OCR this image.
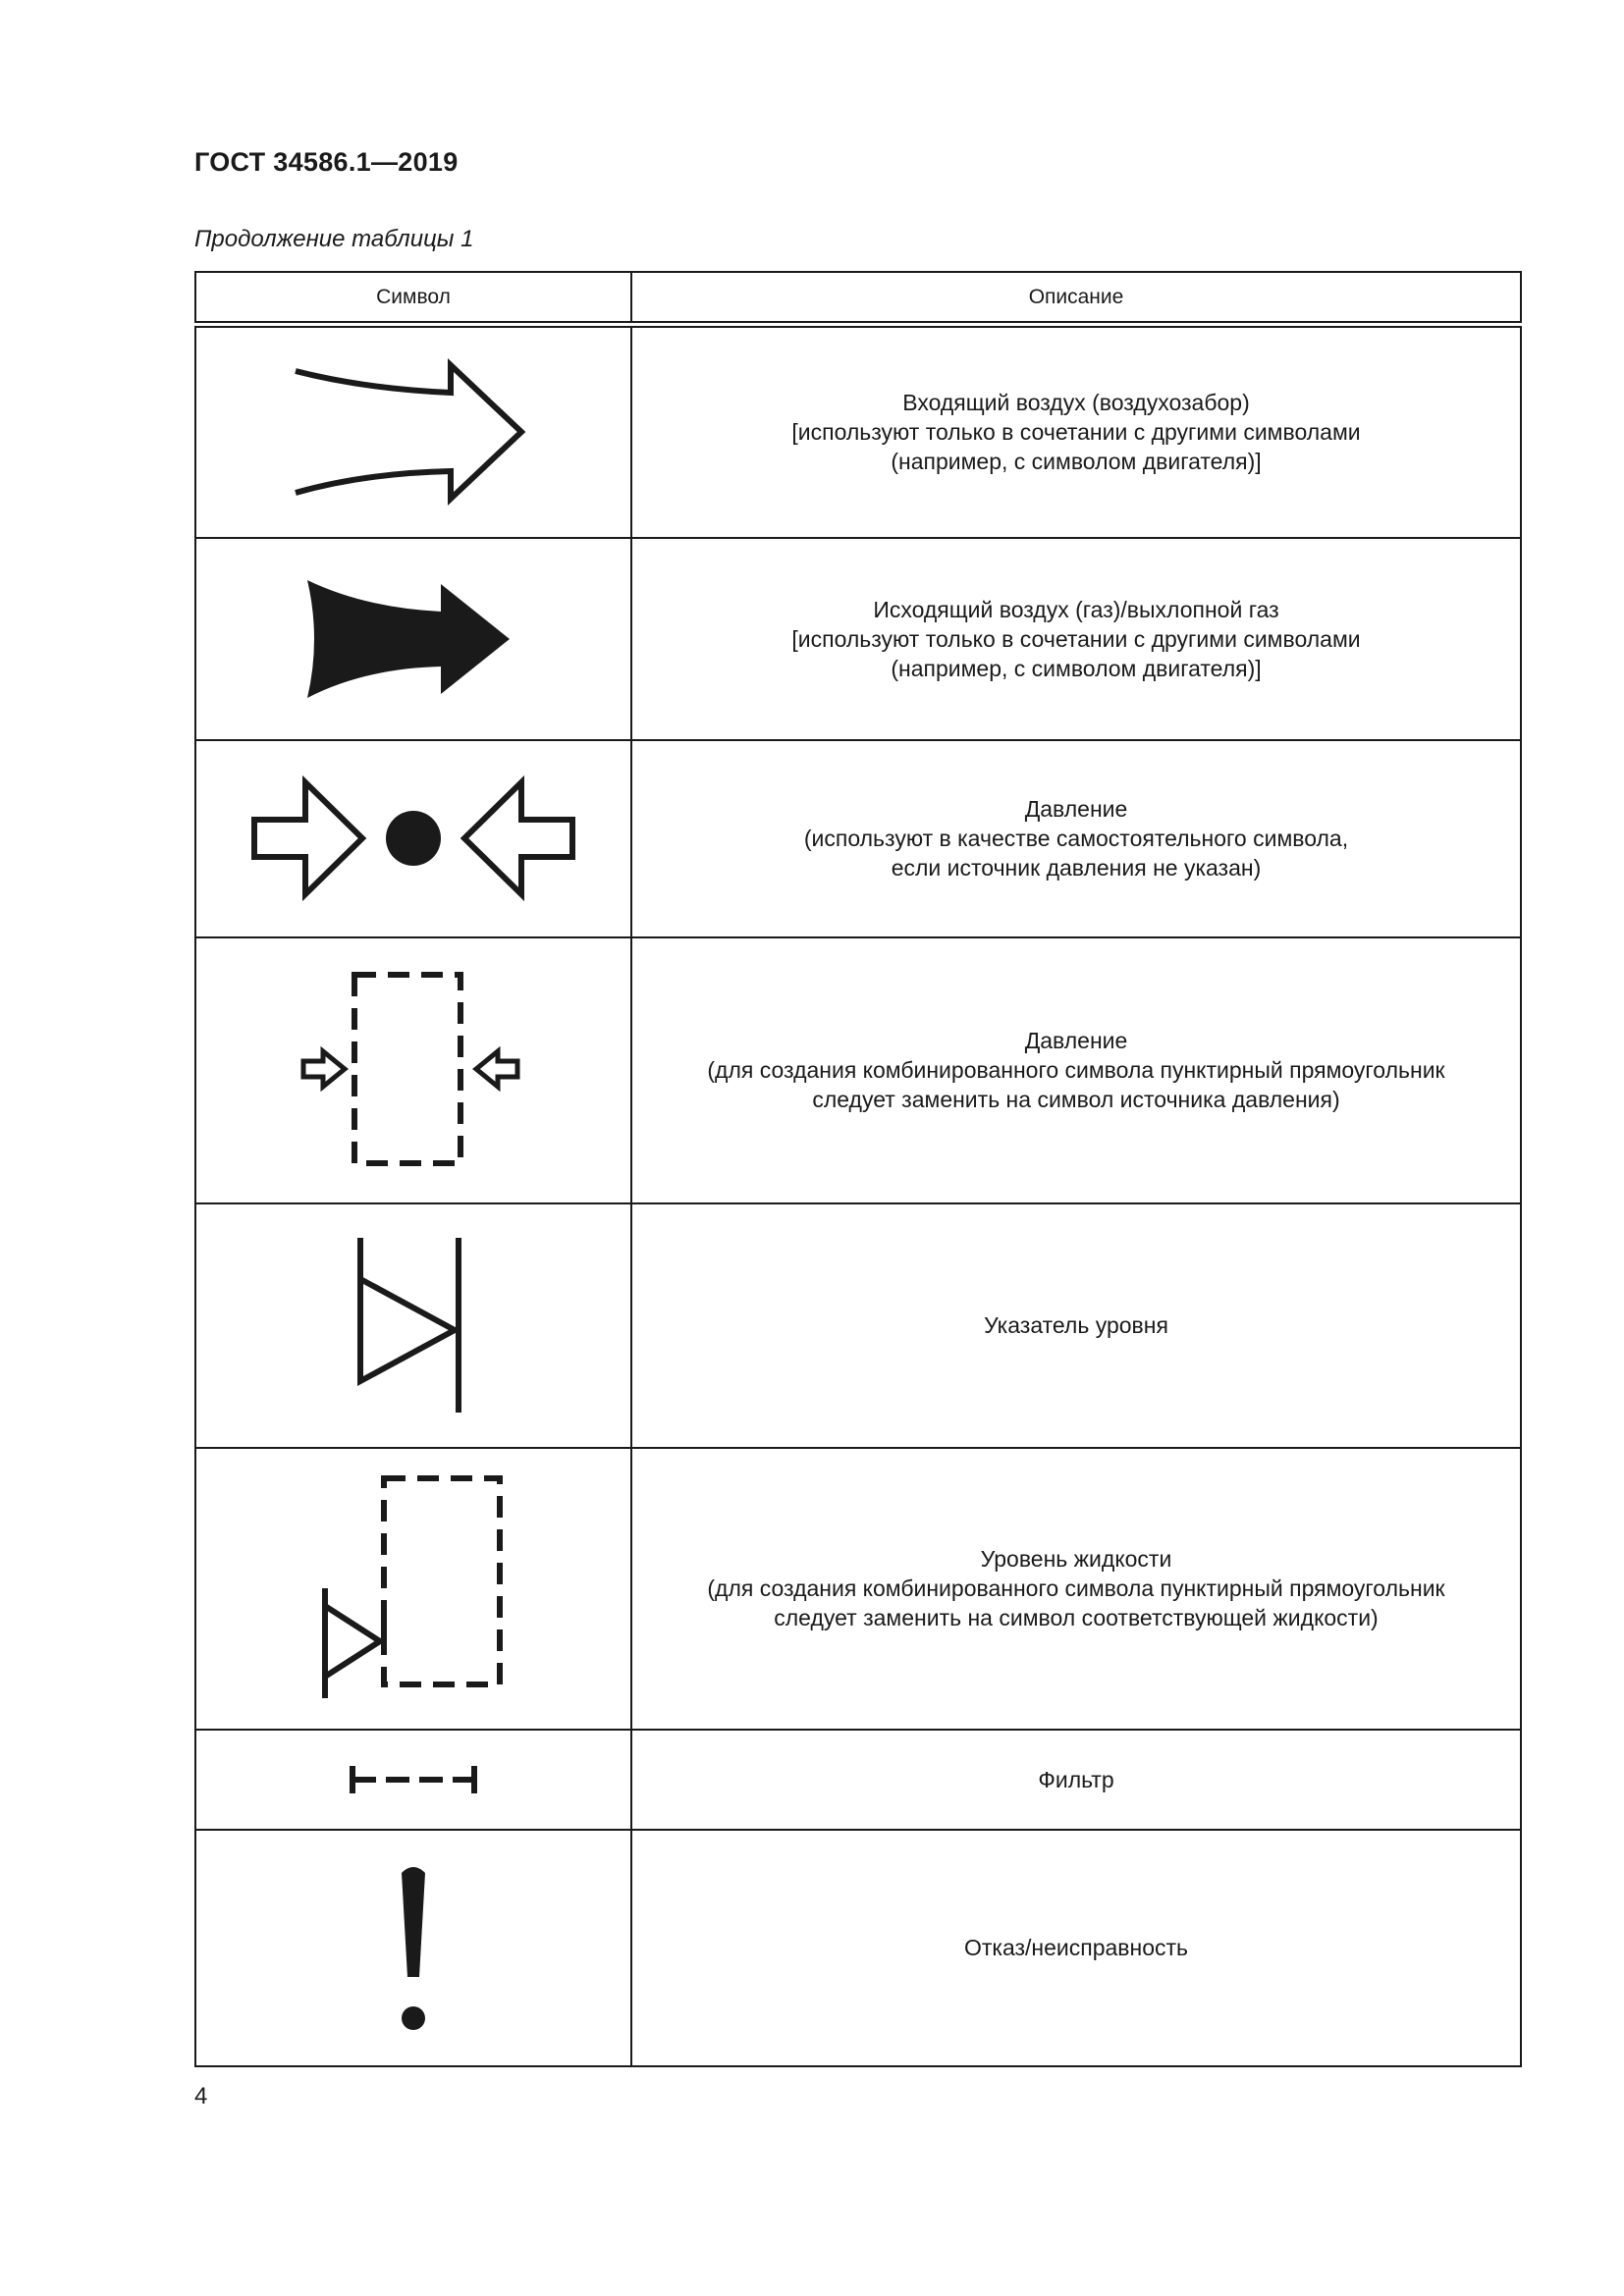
ГОСТ 34586.1—2019
Продолжение таблицы 1
Символ	Описание

Входящий воздух (воздухозабор)
[используют только в сочетании с другими символами
(например, с символом двигателя)]

Исходящий воздух (газ)/выхлопной газ
[используют только в сочетании с другими символами
(например, с символом двигателя)]

Давление
(используют в качестве самостоятельного символа,
если источник давления не указан)

Давление
(для создания комбинированного символа пунктирный прямоугольник
следует заменить на символ источника давления)

Указатель уровня

Уровень жидкости
(для создания комбинированного символа пунктирный прямоугольник
следует заменить на символ соответствующей жидкости)

Фильтр

Отказ/неисправность
4
